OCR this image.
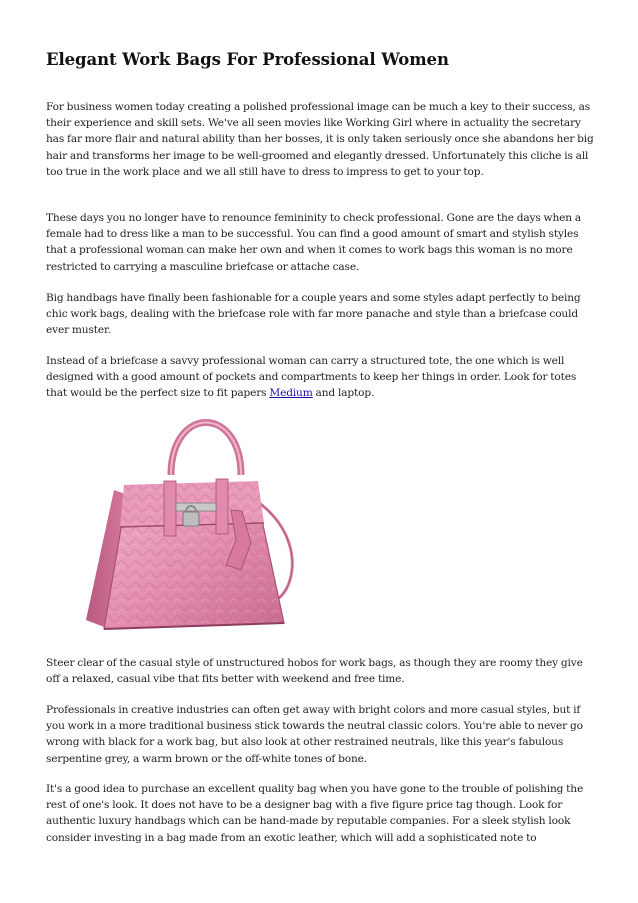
Elegant Work Bags For Professional Women

For business women today creating a polished professional image can be much a key to their success, as their experience and skill sets. We've all seen movies like Working Girl where in actuality the secretary has far more flair and natural ability than her bosses, it is only taken seriously once she abandons her big hair and transforms her image to be well-groomed and elegantly dressed. Unfortunately this cliche is all too true in the work place and we all still have to dress to impress to get to your top.

These days you no longer have to renounce femininity to check professional. Gone are the days when a female had to dress like a man to be successful. You can find a good amount of smart and stylish styles that a professional woman can make her own and when it comes to work bags this woman is no more restricted to carrying a masculine briefcase or attache case.

Big handbags have finally been fashionable for a couple years and some styles adapt perfectly to being chic work bags, dealing with the briefcase role with far more panache and style than a briefcase could ever muster.

Instead of a briefcase a savvy professional woman can carry a structured tote, the one which is well designed with a good amount of pockets and compartments to keep her things in order. Look for totes that would be the perfect size to fit papers Medium and laptop.

Steer clear of the casual style of unstructured hobos for work bags, as though they are roomy they give off a relaxed, casual vibe that fits better with weekend and free time.

Professionals in creative industries can often get away with bright colors and more casual styles, but if you work in a more traditional business stick towards the neutral classic colors. You're able to never go wrong with black for a work bag, but also look at other restrained neutrals, like this year's fabulous serpentine grey, a warm brown or the off-white tones of bone.

It's a good idea to purchase an excellent quality bag when you have gone to the trouble of polishing the rest of one's look. It does not have to be a designer bag with a five figure price tag though. Look for authentic luxury handbags which can be hand-made by reputable companies. For a sleek stylish look consider investing in a bag made from an exotic leather, which will add a sophisticated note to
